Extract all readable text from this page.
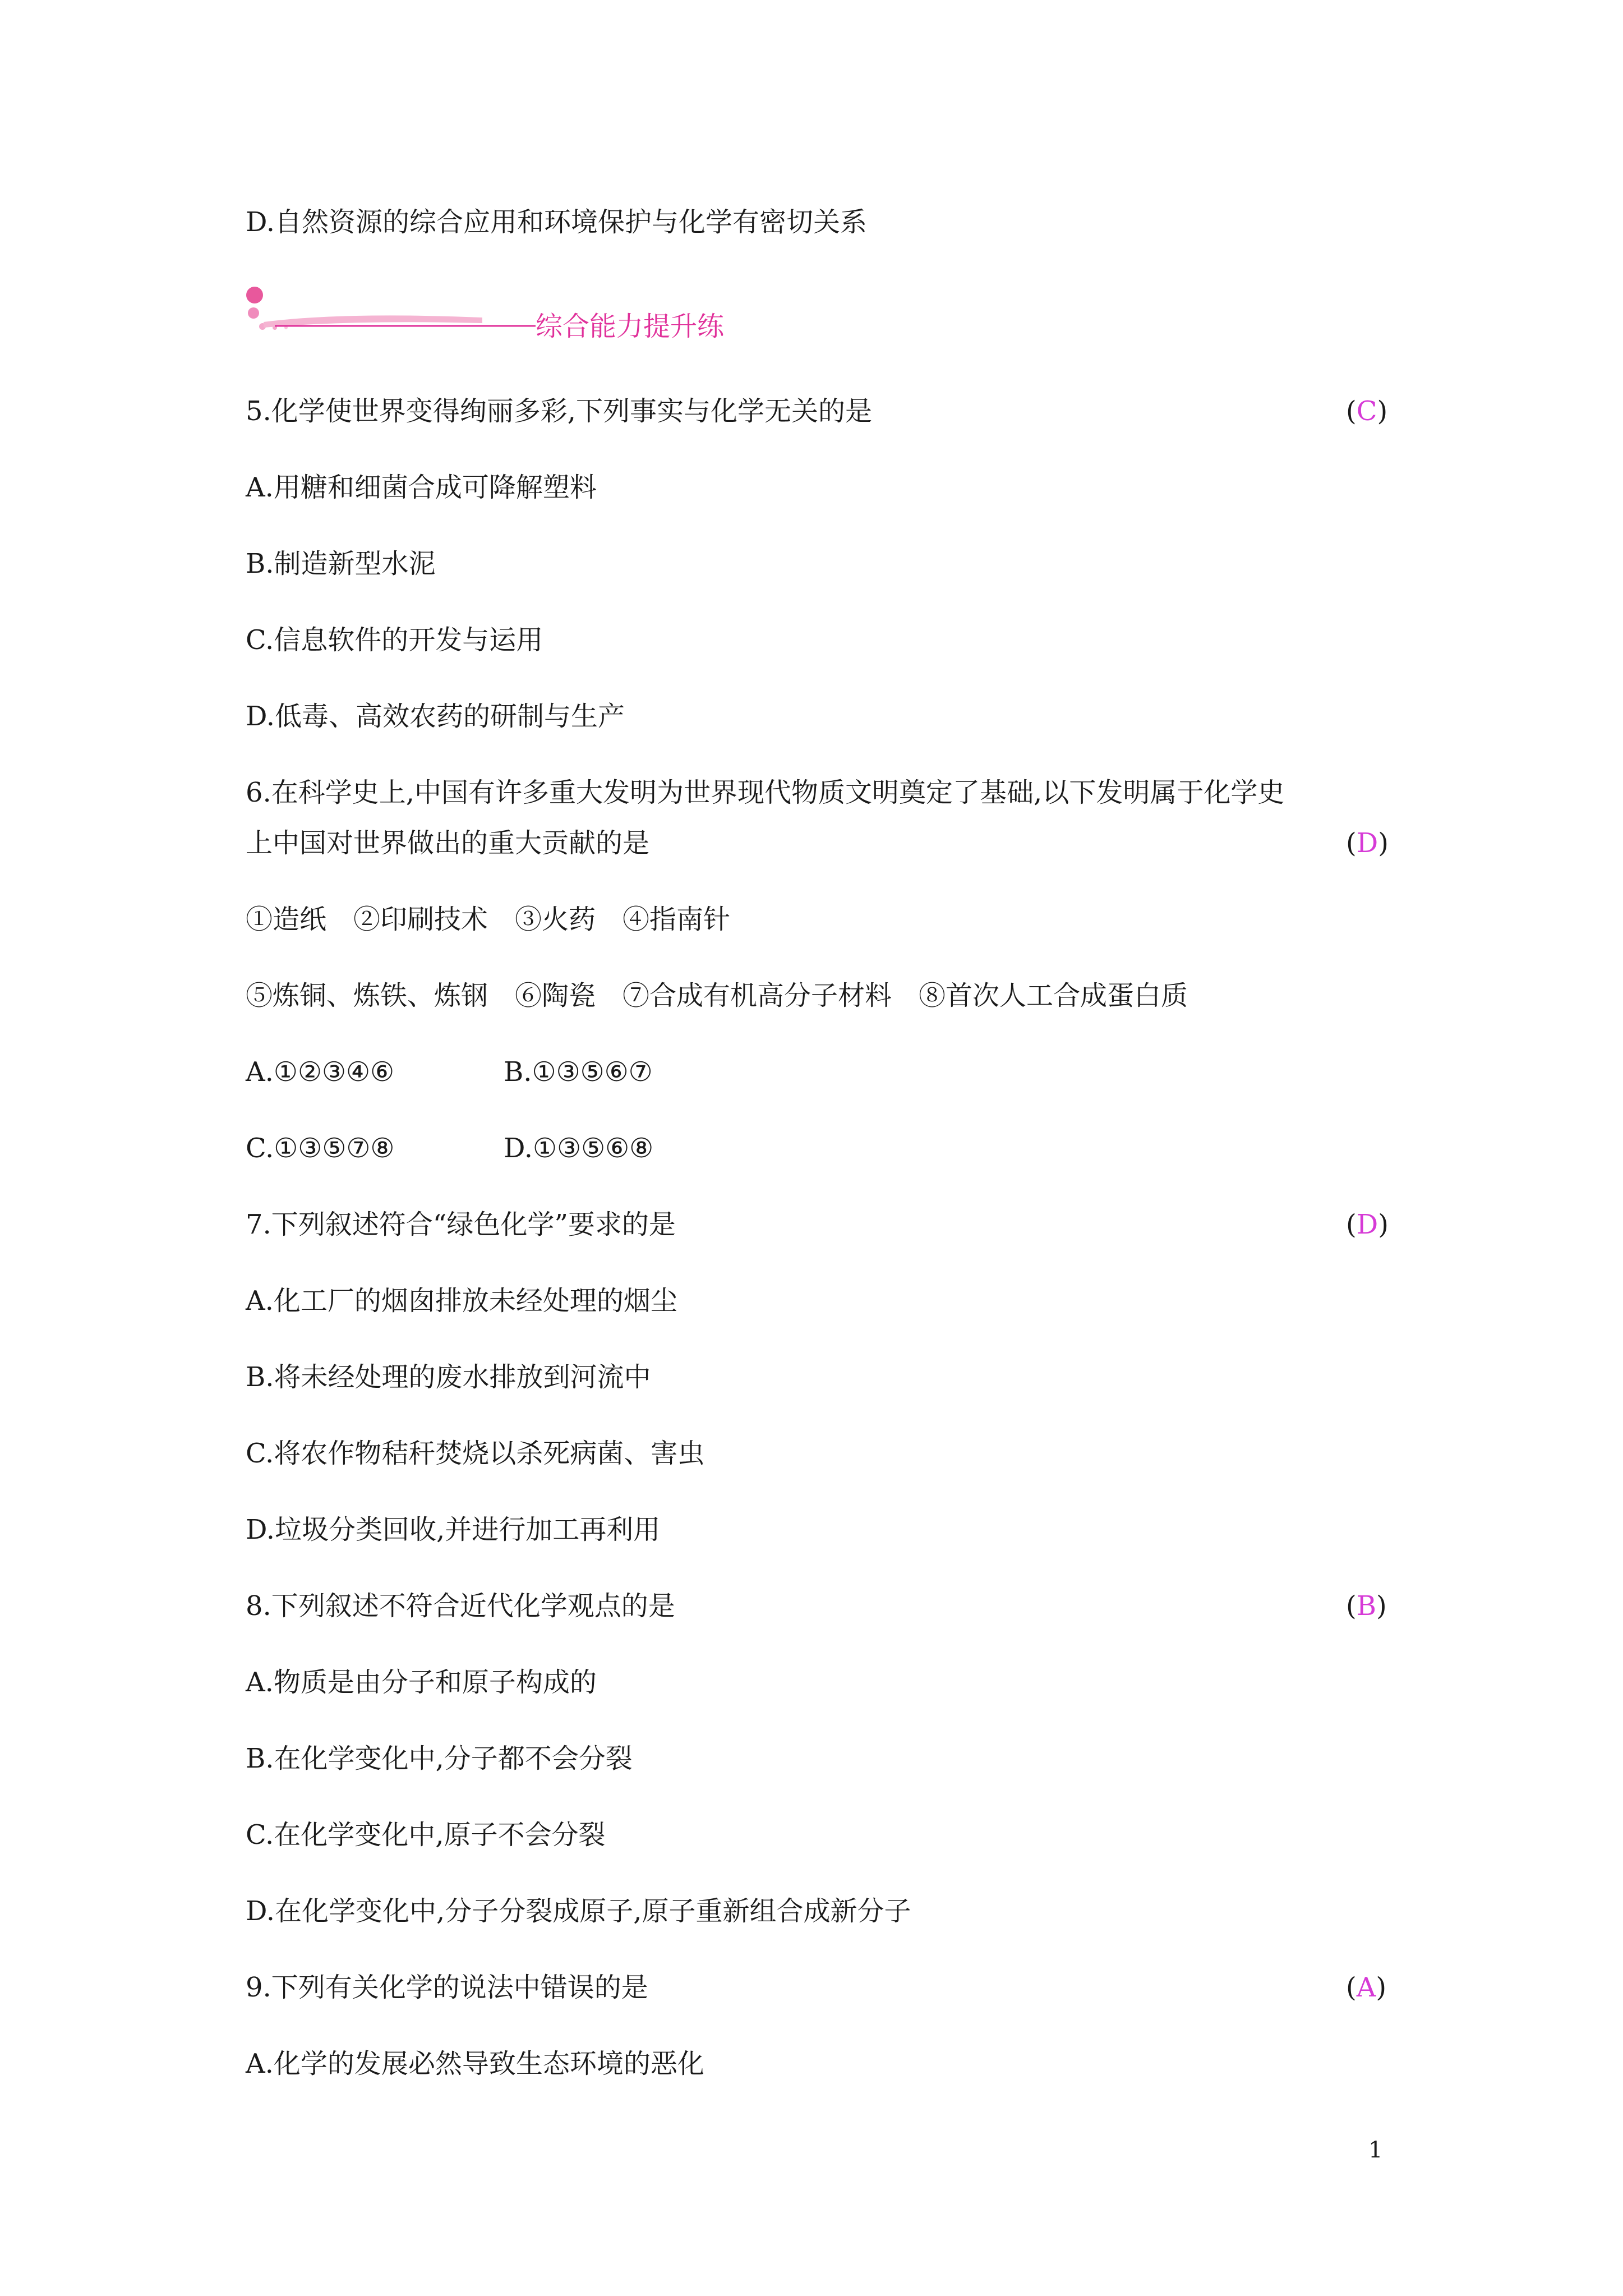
D.自然资源的综合应用和环境保护与化学有密切关系
综合能力提升练
5.化学使世界变得绚丽多彩,下列事实与化学无关的是	(C)
A.用糖和细菌合成可降解塑料
B.制造新型水泥
C.信息软件的开发与运用
D.低毒、高效农药的研制与生产
6.在科学史上,中国有许多重大发明为世界现代物质文明奠定了基础,以下发明属于化学史
上中国对世界做出的重大贡献的是	(D)
①造纸　②印刷技术　③火药　④指南针
⑤炼铜、炼铁、炼钢　⑥陶瓷　⑦合成有机高分子材料　⑧首次人工合成蛋白质
A.①②③④⑥	B.①③⑤⑥⑦
C.①③⑤⑦⑧	D.①③⑤⑥⑧
7.下列叙述符合“绿色化学”要求的是	(D)
A.化工厂的烟囱排放未经处理的烟尘
B.将未经处理的废水排放到河流中
C.将农作物秸秆焚烧以杀死病菌、害虫
D.垃圾分类回收,并进行加工再利用
8.下列叙述不符合近代化学观点的是	(B)
A.物质是由分子和原子构成的
B.在化学变化中,分子都不会分裂
C.在化学变化中,原子不会分裂
D.在化学变化中,分子分裂成原子,原子重新组合成新分子
9.下列有关化学的说法中错误的是	(A)
A.化学的发展必然导致生态环境的恶化
1
